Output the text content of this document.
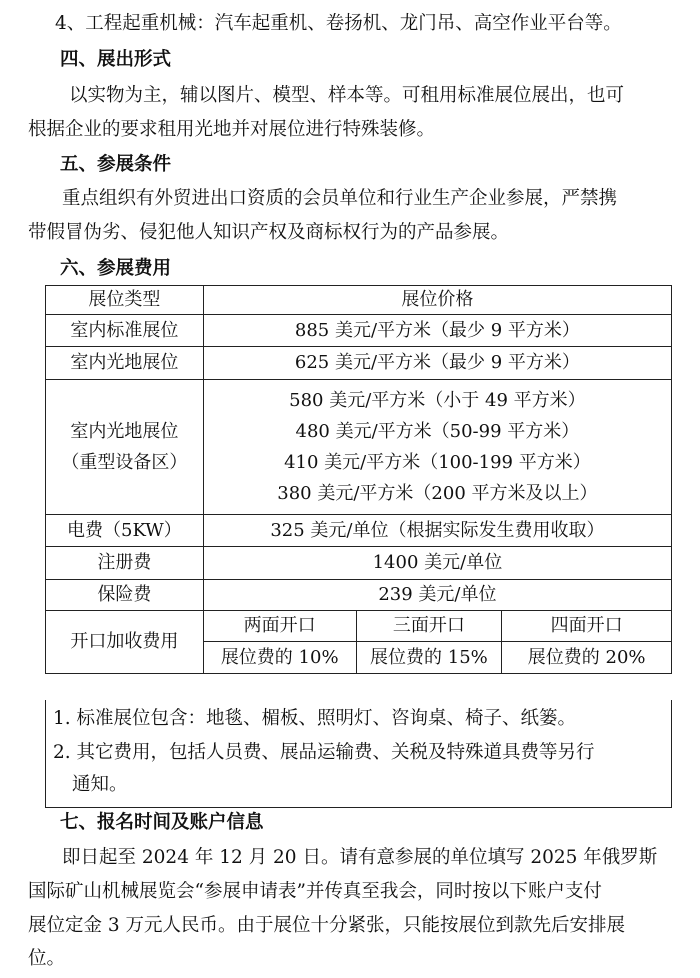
4、工程起重机械：汽车起重机、卷扬机、龙门吊、高空作业平台等。
四、展出形式
以实物为主，辅以图片、模型、样本等。可租用标准展位展出，也可
根据企业的要求租用光地并对展位进行特殊装修。
五、参展条件
重点组织有外贸进出口资质的会员单位和行业生产企业参展，严禁携
带假冒伪劣、侵犯他人知识产权及商标权行为的产品参展。
六、参展费用
展位类型	展位价格		
室内标准展位	885 美元/平方米（最少 9 平方米）		
室内光地展位	625 美元/平方米（最少 9 平方米）		

室内光地展位
（重型设备区）	580 美元/平方米（小于 49 平方米）
480 美元/平方米（50-99 平方米）
410 美元/平方米（100-199 平方米）
380 美元/平方米（200 平方米及以上）		

电费（5KW）	325 美元/单位（根据实际发生费用收取）		
注册费	1400 美元/单位		
保险费	239 美元/单位		
开口加收费用	两面开口	三面开口	四面开口
	展位费的 10%	展位费的 15%	展位费的 20%
1. 标准展位包含：地毯、楣板、照明灯、咨询桌、椅子、纸篓。
2. 其它费用，包括人员费、展品运输费、关税及特殊道具费等另行
通知。
七、报名时间及账户信息
即日起至 2024 年 12 月 20 日。请有意参展的单位填写 2025 年俄罗斯
国际矿山机械展览会“参展申请表”并传真至我会，同时按以下账户支付
展位定金 3 万元人民币。由于展位十分紧张，只能按展位到款先后安排展
位。
